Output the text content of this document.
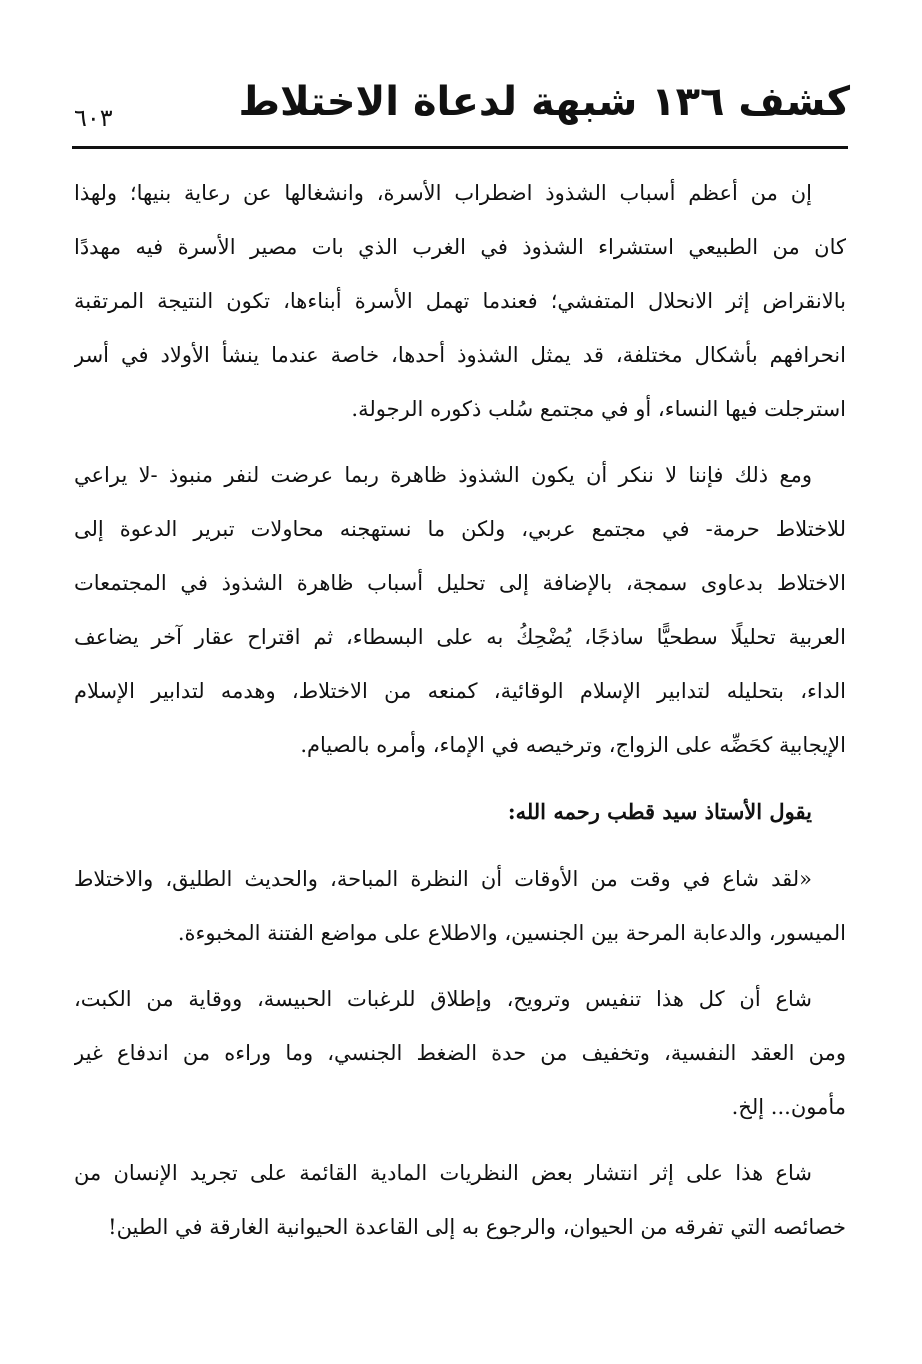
كشف ١٣٦ شبهة لدعاة الاختلاط
٦٠٣
إن من أعظم أسباب الشذوذ اضطراب الأسرة، وانشغالها عن رعاية بنيها؛ ولهذا
كان من الطبيعي استشراء الشذوذ في الغرب الذي بات مصير الأسرة فيه مهددًا
بالانقراض إثر الانحلال المتفشي؛ فعندما تهمل الأسرة أبناءها، تكون النتيجة المرتقبة
انحرافهم بأشكال مختلفة، قد يمثل الشذوذ أحدها، خاصة عندما ينشأ الأولاد في أسر
استرجلت فيها النساء، أو في مجتمع سُلب ذكوره الرجولة.
ومع ذلك فإننا لا ننكر أن يكون الشذوذ ظاهرة ربما عرضت لنفر منبوذ -لا يراعي
للاختلاط حرمة- في مجتمع عربي، ولكن ما نستهجنه محاولات تبرير الدعوة إلى
الاختلاط بدعاوى سمجة، بالإضافة إلى تحليل أسباب ظاهرة الشذوذ في المجتمعات
العربية تحليلًا سطحيًّا ساذجًا، يُضْحِكُ به على البسطاء، ثم اقتراح عقار آخر يضاعف
الداء، بتحليله لتدابير الإسلام الوقائية، كمنعه من الاختلاط، وهدمه لتدابير الإسلام
الإيجابية كحَضِّه على الزواج، وترخيصه في الإماء، وأمره بالصيام.
يقول الأستاذ سيد قطب رحمه الله:
«لقد شاع في وقت من الأوقات أن النظرة المباحة، والحديث الطليق، والاختلاط
الميسور، والدعابة المرحة بين الجنسين، والاطلاع على مواضع الفتنة المخبوءة.
شاع أن كل هذا تنفيس وترويح، وإطلاق للرغبات الحبيسة، ووقاية من الكبت،
ومن العقد النفسية، وتخفيف من حدة الضغط الجنسي، وما وراءه من اندفاع غير
مأمون... إلخ.
شاع هذا على إثر انتشار بعض النظريات المادية القائمة على تجريد الإنسان من
خصائصه التي تفرقه من الحيوان، والرجوع به إلى القاعدة الحيوانية الغارقة في الطين!
